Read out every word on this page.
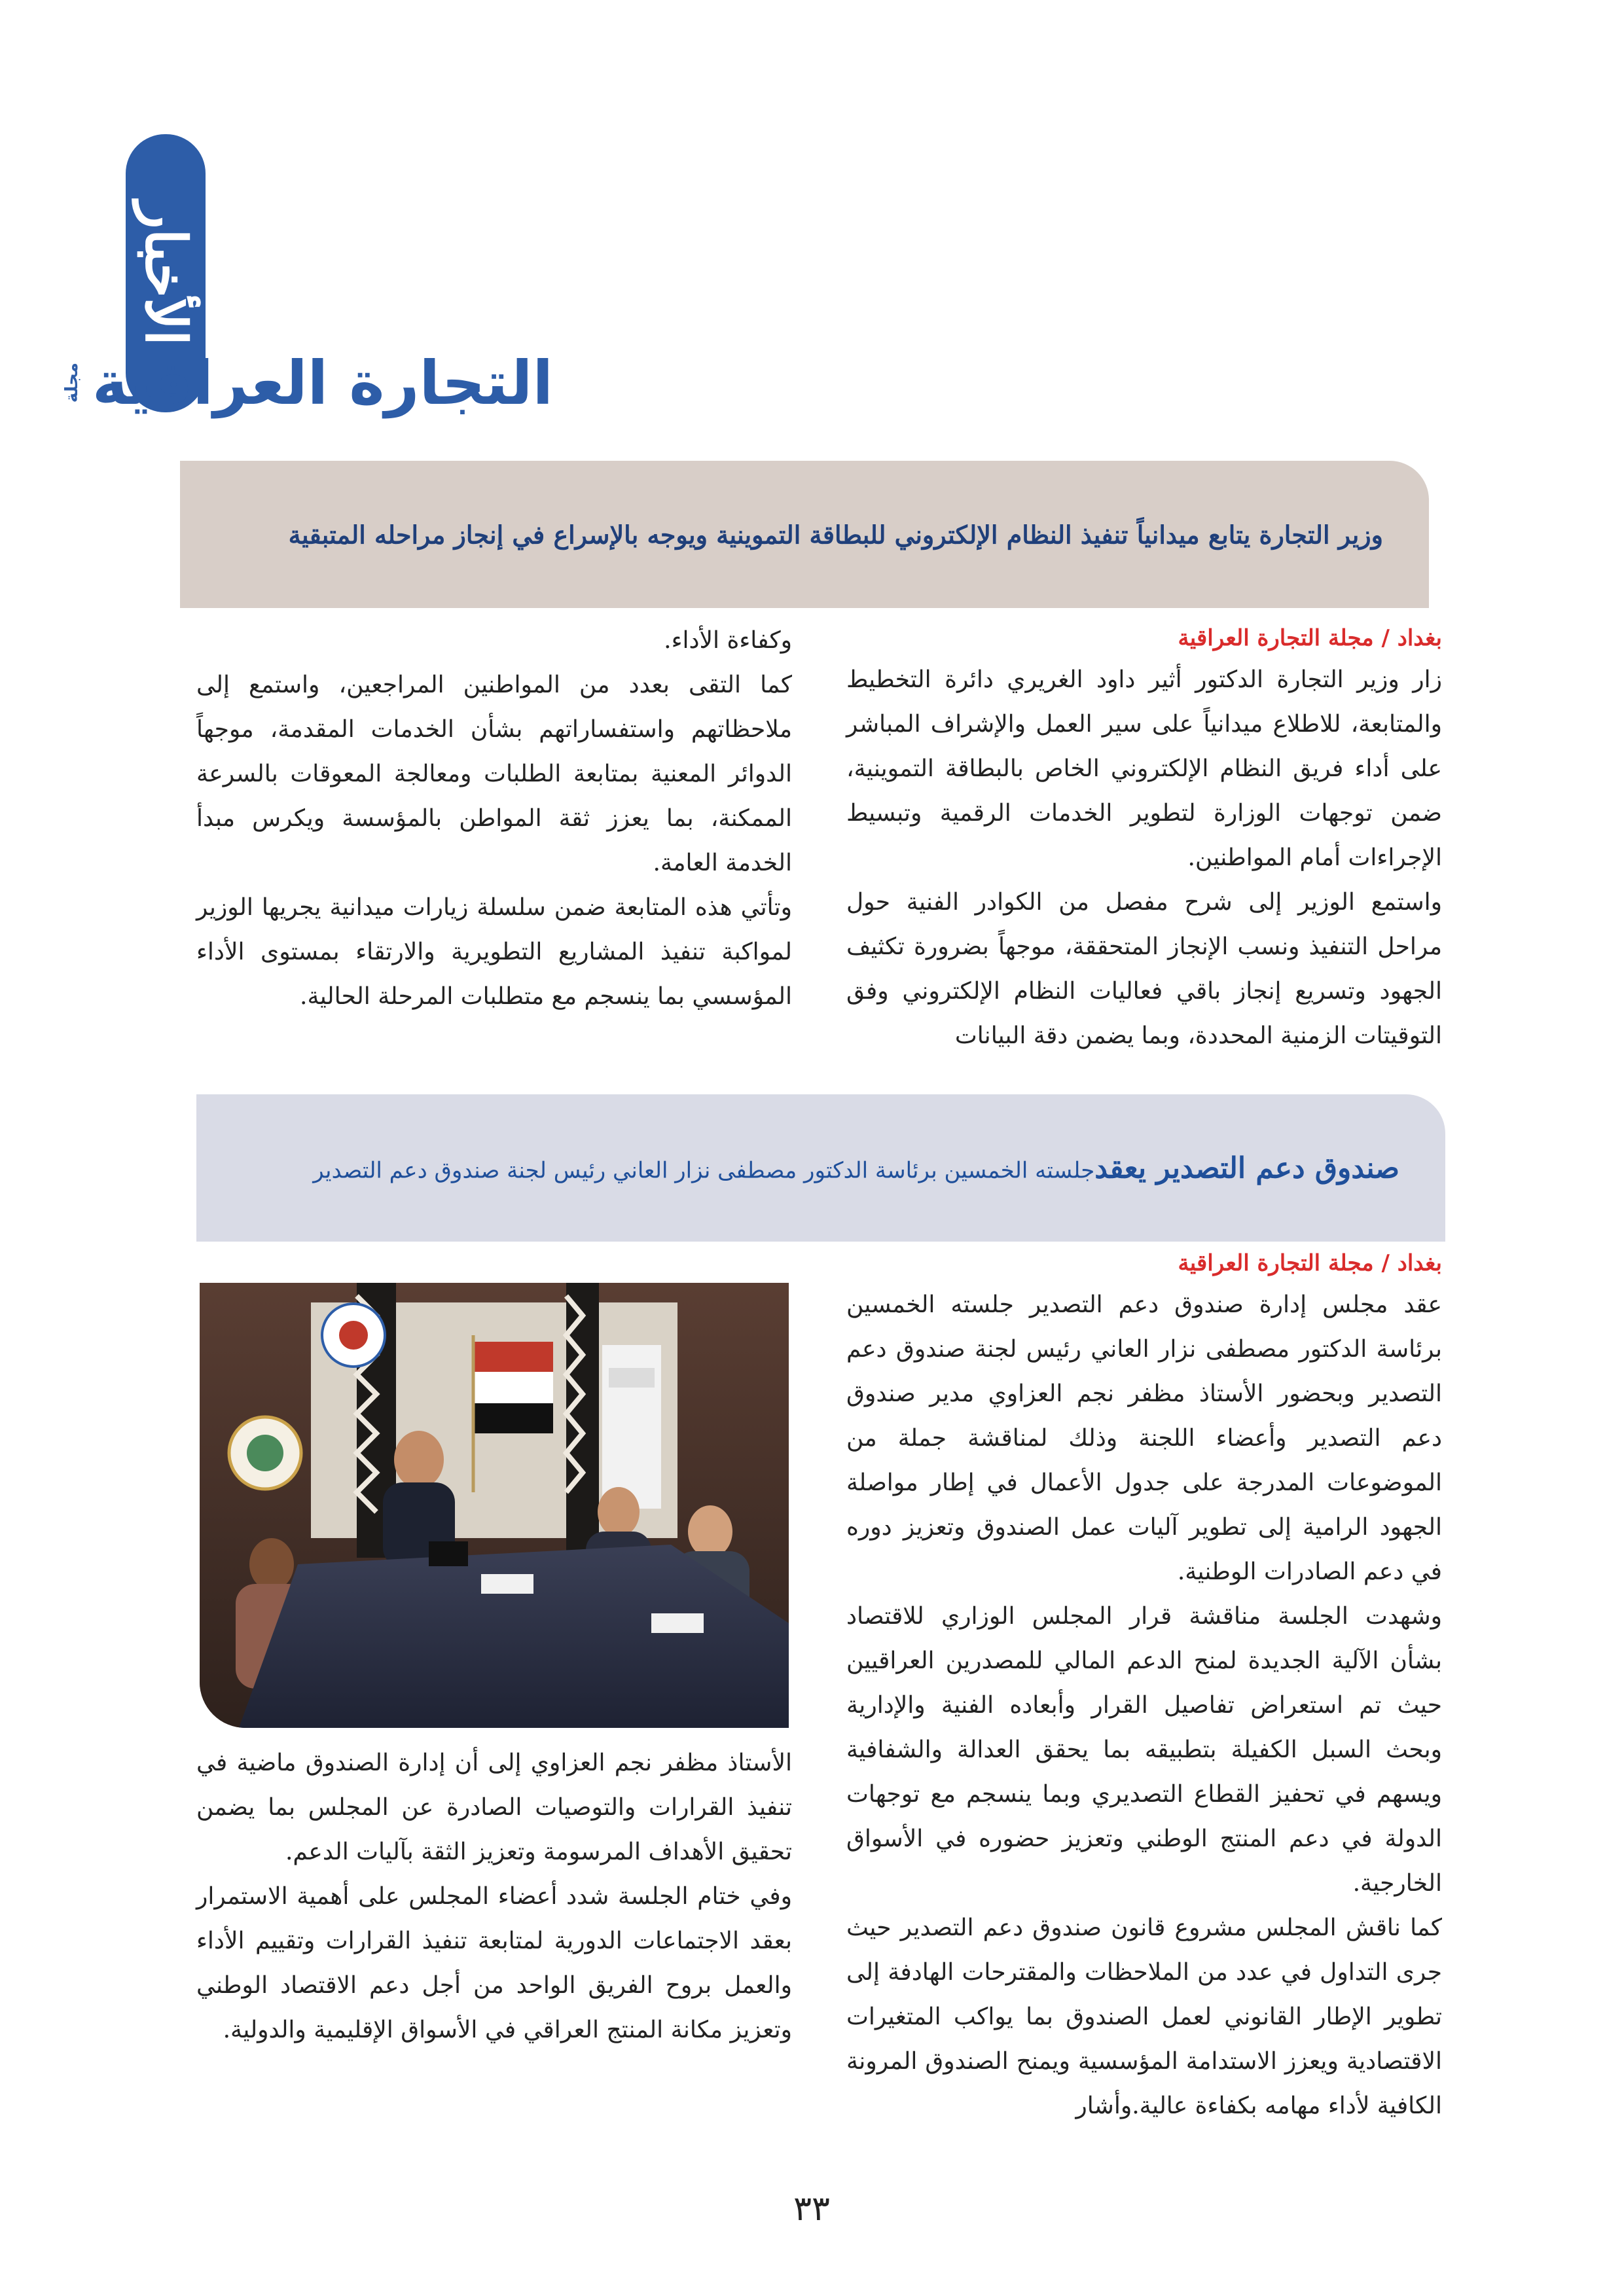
الأخبار
التجارة العراقية
مجلة
وزير التجارة يتابع ميدانياً تنفيذ النظام الإلكتروني للبطاقة التموينية ويوجه بالإسراع في إنجاز مراحله المتبقية

بغداد / مجلة التجارة العراقية

زار وزير التجارة الدكتور أثير داود الغريري دائرة التخطيط والمتابعة، للاطلاع ميدانياً على سير العمل والإشراف المباشر على أداء فريق النظام الإلكتروني الخاص بالبطاقة التموينية، ضمن توجهات الوزارة لتطوير الخدمات الرقمية وتبسيط الإجراءات أمام المواطنين.

واستمع الوزير إلى شرح مفصل من الكوادر الفنية حول مراحل التنفيذ ونسب الإنجاز المتحققة، موجهاً بضرورة تكثيف الجهود وتسريع إنجاز باقي فعاليات النظام الإلكتروني وفق التوقيتات الزمنية المحددة، وبما يضمن دقة البيانات

وكفاءة الأداء.

كما التقى بعدد من المواطنين المراجعين، واستمع إلى ملاحظاتهم واستفساراتهم بشأن الخدمات المقدمة، موجهاً الدوائر المعنية بمتابعة الطلبات ومعالجة المعوقات بالسرعة الممكنة، بما يعزز ثقة المواطن بالمؤسسة ويكرس مبدأ الخدمة العامة.

وتأتي هذه المتابعة ضمن سلسلة زيارات ميدانية يجريها الوزير لمواكبة تنفيذ المشاريع التطويرية والارتقاء بمستوى الأداء المؤسسي بما ينسجم مع متطلبات المرحلة الحالية.

صندوق دعم التصدير يعقدجلسته الخمسين برئاسة الدكتور مصطفى نزار العاني رئيس لجنة صندوق دعم التصدير

بغداد / مجلة التجارة العراقية

عقد مجلس إدارة صندوق دعم التصدير جلسته الخمسين برئاسة الدكتور مصطفى نزار العاني رئيس لجنة صندوق دعم التصدير وبحضور الأستاذ مظفر نجم العزاوي مدير صندوق دعم التصدير وأعضاء اللجنة وذلك لمناقشة جملة من الموضوعات المدرجة على جدول الأعمال في إطار مواصلة الجهود الرامية إلى تطوير آليات عمل الصندوق وتعزيز دوره في دعم الصادرات الوطنية.

وشهدت الجلسة مناقشة قرار المجلس الوزاري للاقتصاد بشأن الآلية الجديدة لمنح الدعم المالي للمصدرين العراقيين حيث تم استعراض تفاصيل القرار وأبعاده الفنية والإدارية وبحث السبل الكفيلة بتطبيقه بما يحقق العدالة والشفافية ويسهم في تحفيز القطاع التصديري وبما ينسجم مع توجهات الدولة في دعم المنتج الوطني وتعزيز حضوره في الأسواق الخارجية.

كما ناقش المجلس مشروع قانون صندوق دعم التصدير حيث جرى التداول في عدد من الملاحظات والمقترحات الهادفة إلى تطوير الإطار القانوني لعمل الصندوق بما يواكب المتغيرات الاقتصادية ويعزز الاستدامة المؤسسية ويمنح الصندوق المرونة الكافية لأداء مهامه بكفاءة عالية.وأشار

الأستاذ مظفر نجم العزاوي إلى أن إدارة الصندوق ماضية في تنفيذ القرارات والتوصيات الصادرة عن المجلس بما يضمن تحقيق الأهداف المرسومة وتعزيز الثقة بآليات الدعم.

وفي ختام الجلسة شدد أعضاء المجلس على أهمية الاستمرار بعقد الاجتماعات الدورية لمتابعة تنفيذ القرارات وتقييم الأداء والعمل بروح الفريق الواحد من أجل دعم الاقتصاد الوطني وتعزيز مكانة المنتج العراقي في الأسواق الإقليمية والدولية.

٣٣
